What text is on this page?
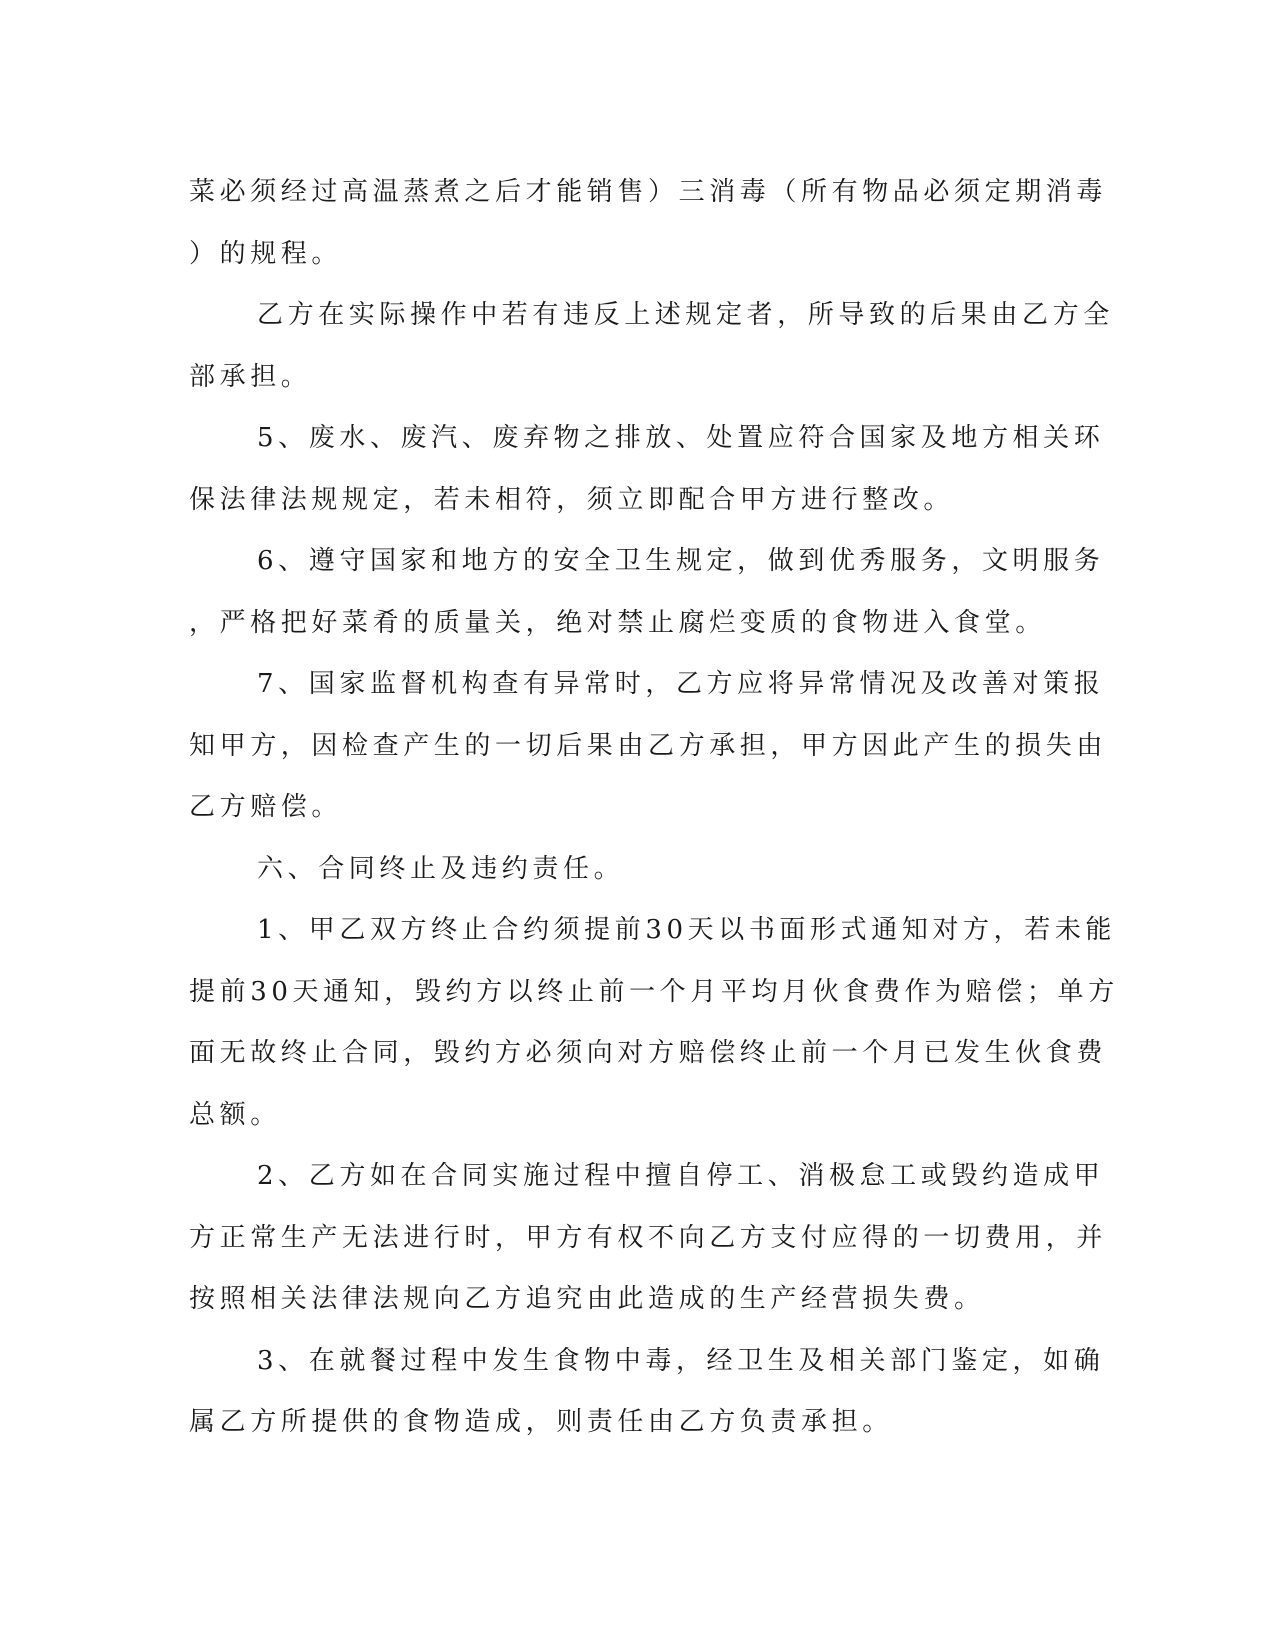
菜必须经过高温蒸煮之后才能销售）三消毒（所有物品必须定期消毒
）的规程。
乙方在实际操作中若有违反上述规定者，所导致的后果由乙方全
部承担。
5、废水、废汽、废弃物之排放、处置应符合国家及地方相关环
保法律法规规定，若未相符，须立即配合甲方进行整改。
6、遵守国家和地方的安全卫生规定，做到优秀服务，文明服务
，严格把好菜肴的质量关，绝对禁止腐烂变质的食物进入食堂。
7、国家监督机构查有异常时，乙方应将异常情况及改善对策报
知甲方，因检查产生的一切后果由乙方承担，甲方因此产生的损失由
乙方赔偿。
六、合同终止及违约责任。
1、甲乙双方终止合约须提前30天以书面形式通知对方，若未能
提前30天通知，毁约方以终止前一个月平均月伙食费作为赔偿；单方
面无故终止合同，毁约方必须向对方赔偿终止前一个月已发生伙食费
总额。
2、乙方如在合同实施过程中擅自停工、消极怠工或毁约造成甲
方正常生产无法进行时，甲方有权不向乙方支付应得的一切费用，并
按照相关法律法规向乙方追究由此造成的生产经营损失费。
3、在就餐过程中发生食物中毒，经卫生及相关部门鉴定，如确
属乙方所提供的食物造成，则责任由乙方负责承担。
